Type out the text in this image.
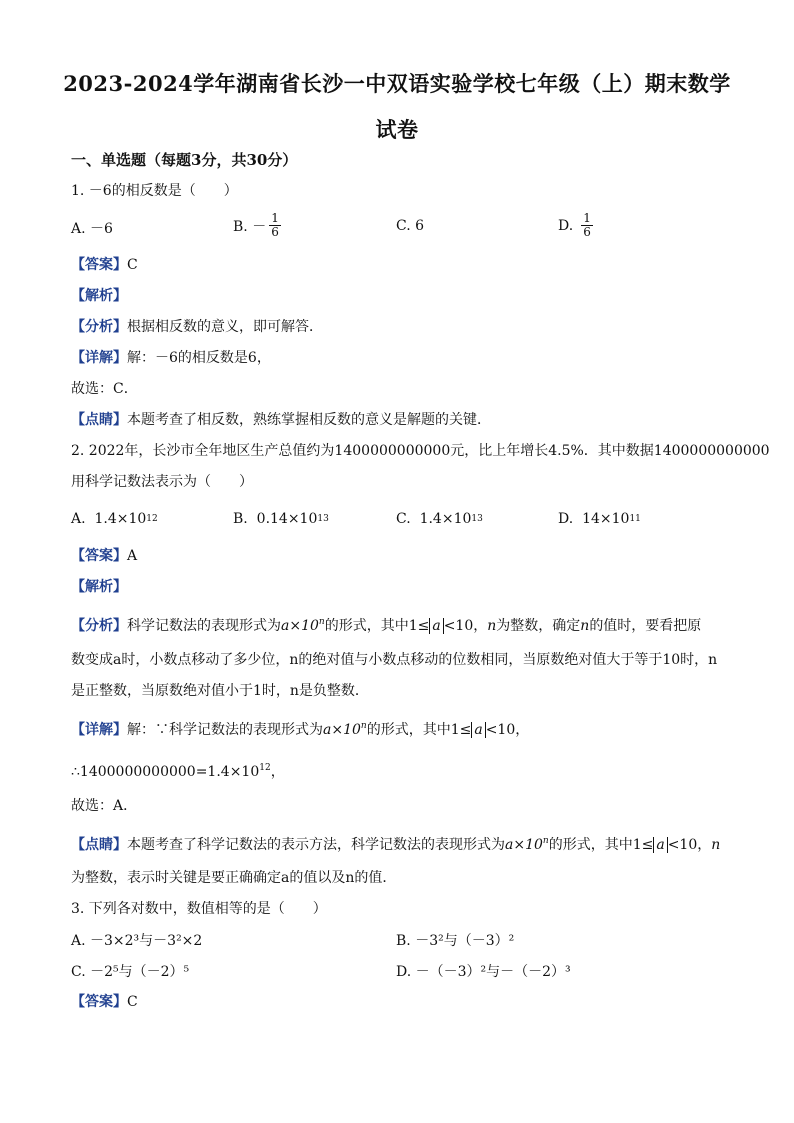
2023-2024学年湖南省长沙一中双语实验学校七年级（上）期末数学
试卷
一、单选题（每题3分，共30分）
1. －6的相反数是（　　）
A. －6	B. － $\frac{1}{6}$	C. 6	D. $\frac{1}{6}$
【答案】C
【解析】
【分析】根据相反数的意义，即可解答．
【详解】解：－6的相反数是6，
故选：C．
【点睛】本题考查了相反数，熟练掌握相反数的意义是解题的关键．
2. 2022年，长沙市全年地区生产总值约为1400000000000元，比上年增长4.5%．其中数据1400000000000
用科学记数法表示为（　　）
A.
1.4×10 12	B.
0.14×10 13	C.
1.4×10 13	D.
14×10 11
【答案】A
【解析】
【分析】科学记数法的表现形式为$a\times 10^n$的形式，其中1≤ a <10，n为整数，确定n的值时，要看把原
数变成a时，小数点移动了多少位，n的绝对值与小数点移动的位数相同，当原数绝对值大于等于10时，n
是正整数，当原数绝对值小于1时，n是负整数．
【详解】解：∵科学记数法的表现形式为$a\times 10^n$的形式，其中1≤ a <10，
$\therefore 1400000000000=1.4\times 10^{12}$，
故选：A．
【点睛】本题考查了科学记数法的表示方法，科学记数法的表现形式为$a\times 10^n$的形式，其中1≤ a <10，n
为整数，表示时关键是要正确确定a的值以及n的值．
3. 下列各对数中，数值相等的是（　　）
A. －3×2³与－3²×2	B. －3²与（－3）²
C. －2⁵与（－2）⁵	D. －（－3）²与－（－2）³
【答案】C
